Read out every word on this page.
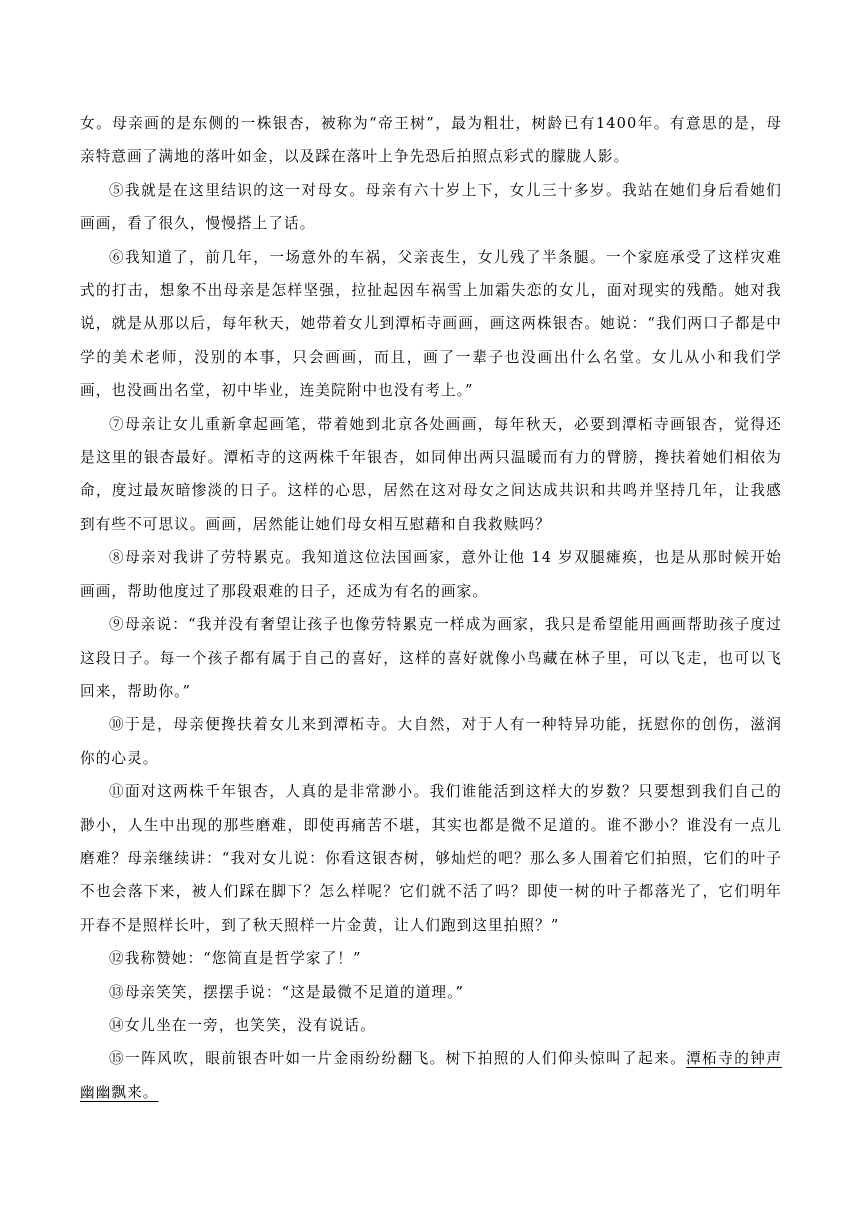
女。母亲画的是东侧的一株银杏，被称为“帝王树”，最为粗壮，树龄已有1400年。有意思的是，母亲特意画了满地的落叶如金，以及踩在落叶上争先恐后拍照点彩式的朦胧人影。

⑤我就是在这里结识的这一对母女。母亲有六十岁上下，女儿三十多岁。我站在她们身后看她们画画，看了很久，慢慢搭上了话。

⑥我知道了，前几年，一场意外的车祸，父亲丧生，女儿残了半条腿。一个家庭承受了这样灾难式的打击，想象不出母亲是怎样坚强，拉扯起因车祸雪上加霜失恋的女儿，面对现实的残酷。她对我说，就是从那以后，每年秋天，她带着女儿到潭柘寺画画，画这两株银杏。她说：“我们两口子都是中学的美术老师，没别的本事，只会画画，而且，画了一辈子也没画出什么名堂。女儿从小和我们学画，也没画出名堂，初中毕业，连美院附中也没有考上。”

⑦母亲让女儿重新拿起画笔，带着她到北京各处画画，每年秋天，必要到潭柘寺画银杏，觉得还是这里的银杏最好。潭柘寺的这两株千年银杏，如同伸出两只温暖而有力的臂膀，搀扶着她们相依为命，度过最灰暗惨淡的日子。这样的心思，居然在这对母女之间达成共识和共鸣并坚持几年，让我感到有些不可思议。画画，居然能让她们母女相互慰藉和自我救赎吗？

⑧母亲对我讲了劳特累克。我知道这位法国画家，意外让他 14 岁双腿瘫痪，也是从那时候开始画画，帮助他度过了那段艰难的日子，还成为有名的画家。

⑨母亲说：“我并没有奢望让孩子也像劳特累克一样成为画家，我只是希望能用画画帮助孩子度过这段日子。每一个孩子都有属于自己的喜好，这样的喜好就像小鸟藏在林子里，可以飞走，也可以飞回来，帮助你。”

⑩于是，母亲便搀扶着女儿来到潭柘寺。大自然，对于人有一种特异功能，抚慰你的创伤，滋润你的心灵。

⑪面对这两株千年银杏，人真的是非常渺小。我们谁能活到这样大的岁数？只要想到我们自己的渺小，人生中出现的那些磨难，即使再痛苦不堪，其实也都是微不足道的。谁不渺小？谁没有一点儿磨难？母亲继续讲：“我对女儿说：你看这银杏树，够灿烂的吧？那么多人围着它们拍照，它们的叶子不也会落下来，被人们踩在脚下？怎么样呢？它们就不活了吗？即使一树的叶子都落光了，它们明年开春不是照样长叶，到了秋天照样一片金黄，让人们跑到这里拍照？”

⑫我称赞她：“您简直是哲学家了！”

⑬母亲笑笑，摆摆手说：“这是最微不足道的道理。”

⑭女儿坐在一旁，也笑笑，没有说话。

⑮一阵风吹，眼前银杏叶如一片金雨纷纷翻飞。树下拍照的人们仰头惊叫了起来。潭柘寺的钟声幽幽飘来。
